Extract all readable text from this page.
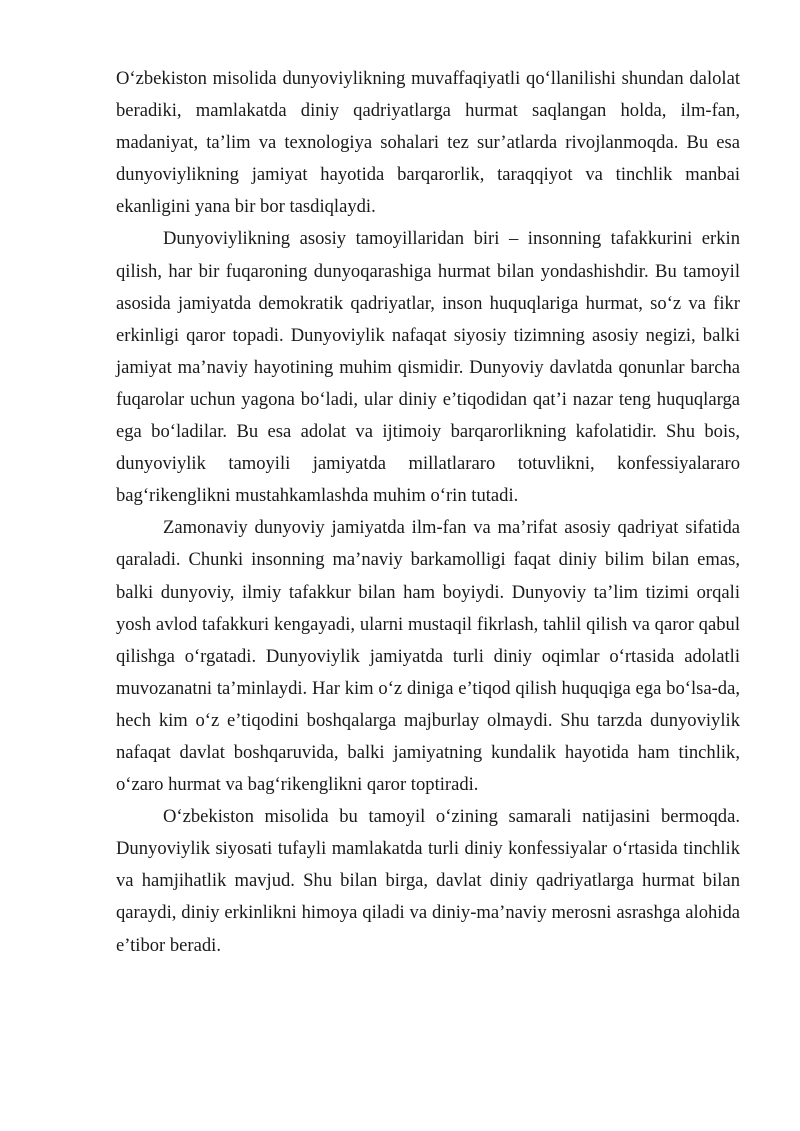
O‘zbekiston misolida dunyoviylikning muvaffaqiyatli qo‘llanilishi shundan dalolat beradiki, mamlakatda diniy qadriyatlarga hurmat saqlangan holda, ilm-fan, madaniyat, ta’lim va texnologiya sohalari tez sur’atlarda rivojlanmoqda. Bu esa dunyoviylikning jamiyat hayotida barqarorlik, taraqqiyot va tinchlik manbai ekanligini yana bir bor tasdiqlaydi.

Dunyoviylikning asosiy tamoyillaridan biri – insonning tafakkurini erkin qilish, har bir fuqaroning dunyoqarashiga hurmat bilan yondashishdir. Bu tamoyil asosida jamiyatda demokratik qadriyatlar, inson huquqlariga hurmat, so‘z va fikr erkinligi qaror topadi. Dunyoviylik nafaqat siyosiy tizimning asosiy negizi, balki jamiyat ma’naviy hayotining muhim qismidir. Dunyoviy davlatda qonunlar barcha fuqarolar uchun yagona bo‘ladi, ular diniy e’tiqodidan qat’i nazar teng huquqlarga ega bo‘ladilar. Bu esa adolat va ijtimoiy barqarorlikning kafolatidir. Shu bois, dunyoviylik tamoyili jamiyatda millatlararo totuvlikni, konfessiyalararo bag‘rikenglikni mustahkamlashda muhim o‘rin tutadi.

Zamonaviy dunyoviy jamiyatda ilm-fan va ma’rifat asosiy qadriyat sifatida qaraladi. Chunki insonning ma’naviy barkamolligi faqat diniy bilim bilan emas, balki dunyoviy, ilmiy tafakkur bilan ham boyiydi. Dunyoviy ta’lim tizimi orqali yosh avlod tafakkuri kengayadi, ularni mustaqil fikrlash, tahlil qilish va qaror qabul qilishga o‘rgatadi. Dunyoviylik jamiyatda turli diniy oqimlar o‘rtasida adolatli muvozanatni ta’minlaydi. Har kim o‘z diniga e’tiqod qilish huquqiga ega bo‘lsa-da, hech kim o‘z e’tiqodini boshqalarga majburlay olmaydi. Shu tarzda dunyoviylik nafaqat davlat boshqaruvida, balki jamiyatning kundalik hayotida ham tinchlik, o‘zaro hurmat va bag‘rikenglikni qaror toptiradi.

O‘zbekiston misolida bu tamoyil o‘zining samarali natijasini bermoqda. Dunyoviylik siyosati tufayli mamlakatda turli diniy konfessiyalar o‘rtasida tinchlik va hamjihatlik mavjud. Shu bilan birga, davlat diniy qadriyatlarga hurmat bilan qaraydi, diniy erkinlikni himoya qiladi va diniy-ma’naviy merosni asrashga alohida e’tibor beradi.
